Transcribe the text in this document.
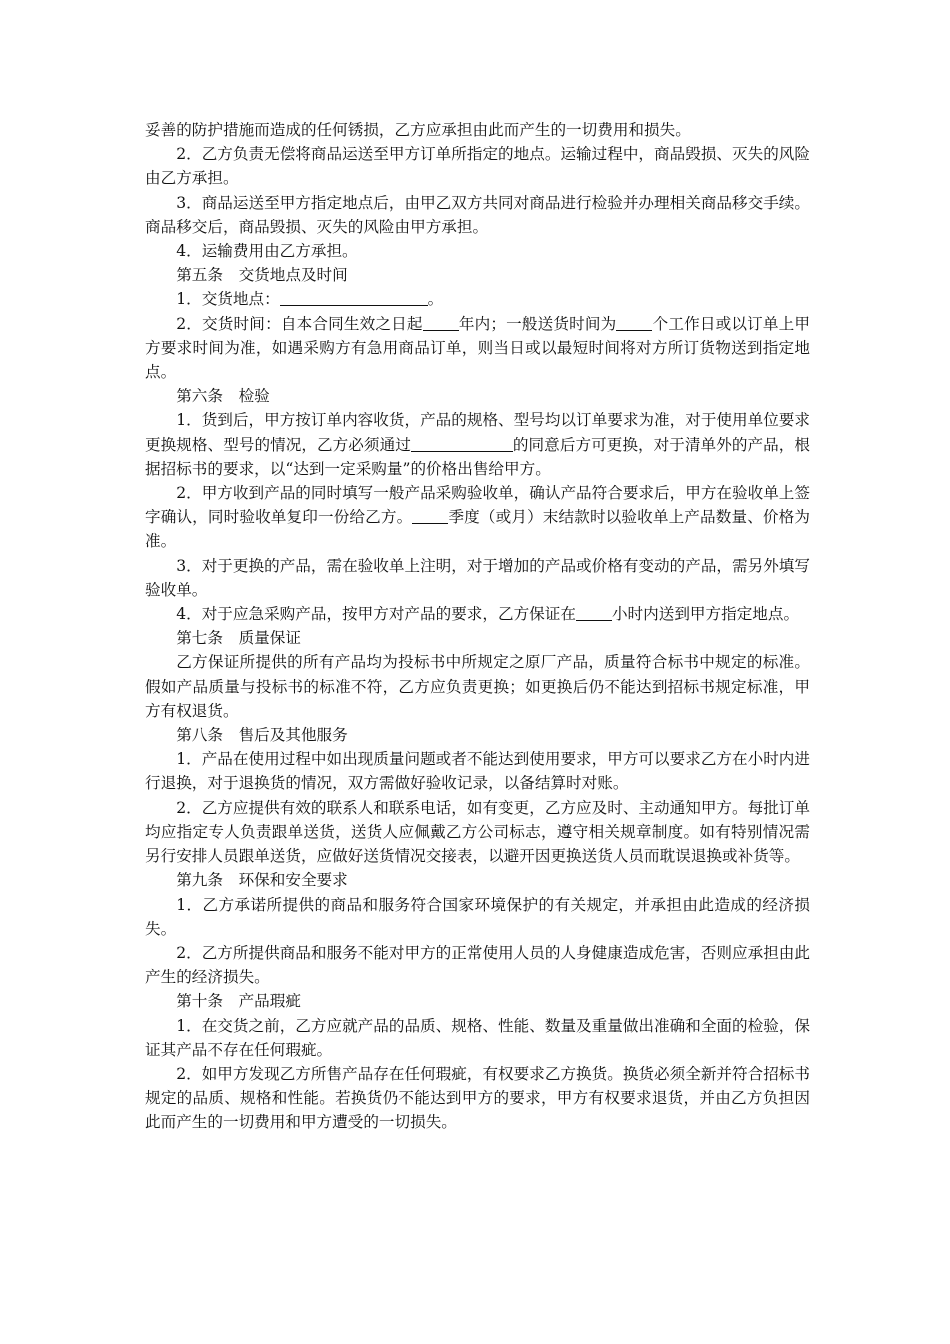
妥善的防护措施而造成的任何锈损，乙方应承担由此而产生的一切费用和损失。

2．乙方负责无偿将商品运送至甲方订单所指定的地点。运输过程中，商品毁损、灭失的风险由乙方承担。

3．商品运送至甲方指定地点后，由甲乙双方共同对商品进行检验并办理相关商品移交手续。商品移交后，商品毁损、灭失的风险由甲方承担。

4．运输费用由乙方承担。

第五条　交货地点及时间

1．交货地点：	。

2．交货时间：自本合同生效之日起 年内；一般送货时间为 个工作日或以订单上甲方要求时间为准，如遇采购方有急用商品订单，则当日或以最短时间将对方所订货物送到指定地点。

第六条　检验

1．货到后，甲方按订单内容收货，产品的规格、型号均以订单要求为准，对于使用单位要求更换规格、型号的情况，乙方必须通过	的同意后方可更换，对于清单外的产品，根据招标书的要求，以“达到一定采购量”的价格出售给甲方。

2．甲方收到产品的同时填写一般产品采购验收单，确认产品符合要求后，甲方在验收单上签字确认，同时验收单复印一份给乙方。 季度（或月）末结款时以验收单上产品数量、价格为准。

3．对于更换的产品，需在验收单上注明，对于增加的产品或价格有变动的产品，需另外填写验收单。

4．对于应急采购产品，按甲方对产品的要求，乙方保证在 小时内送到甲方指定地点。

第七条　质量保证

乙方保证所提供的所有产品均为投标书中所规定之原厂产品，质量符合标书中规定的标准。假如产品质量与投标书的标准不符，乙方应负责更换；如更换后仍不能达到招标书规定标准，甲方有权退货。

第八条　售后及其他服务

1．产品在使用过程中如出现质量问题或者不能达到使用要求，甲方可以要求乙方在小时内进行退换，对于退换货的情况，双方需做好验收记录，以备结算时对账。

2．乙方应提供有效的联系人和联系电话，如有变更，乙方应及时、主动通知甲方。每批订单均应指定专人负责跟单送货，送货人应佩戴乙方公司标志，遵守相关规章制度。如有特别情况需另行安排人员跟单送货，应做好送货情况交接表，以避开因更换送货人员而耽误退换或补货等。

第九条　环保和安全要求

1．乙方承诺所提供的商品和服务符合国家环境保护的有关规定，并承担由此造成的经济损失。

2．乙方所提供商品和服务不能对甲方的正常使用人员的人身健康造成危害，否则应承担由此产生的经济损失。

第十条　产品瑕疵

1．在交货之前，乙方应就产品的品质、规格、性能、数量及重量做出准确和全面的检验，保证其产品不存在任何瑕疵。

2．如甲方发现乙方所售产品存在任何瑕疵，有权要求乙方换货。换货必须全新并符合招标书规定的品质、规格和性能。若换货仍不能达到甲方的要求，甲方有权要求退货，并由乙方负担因此而产生的一切费用和甲方遭受的一切损失。
